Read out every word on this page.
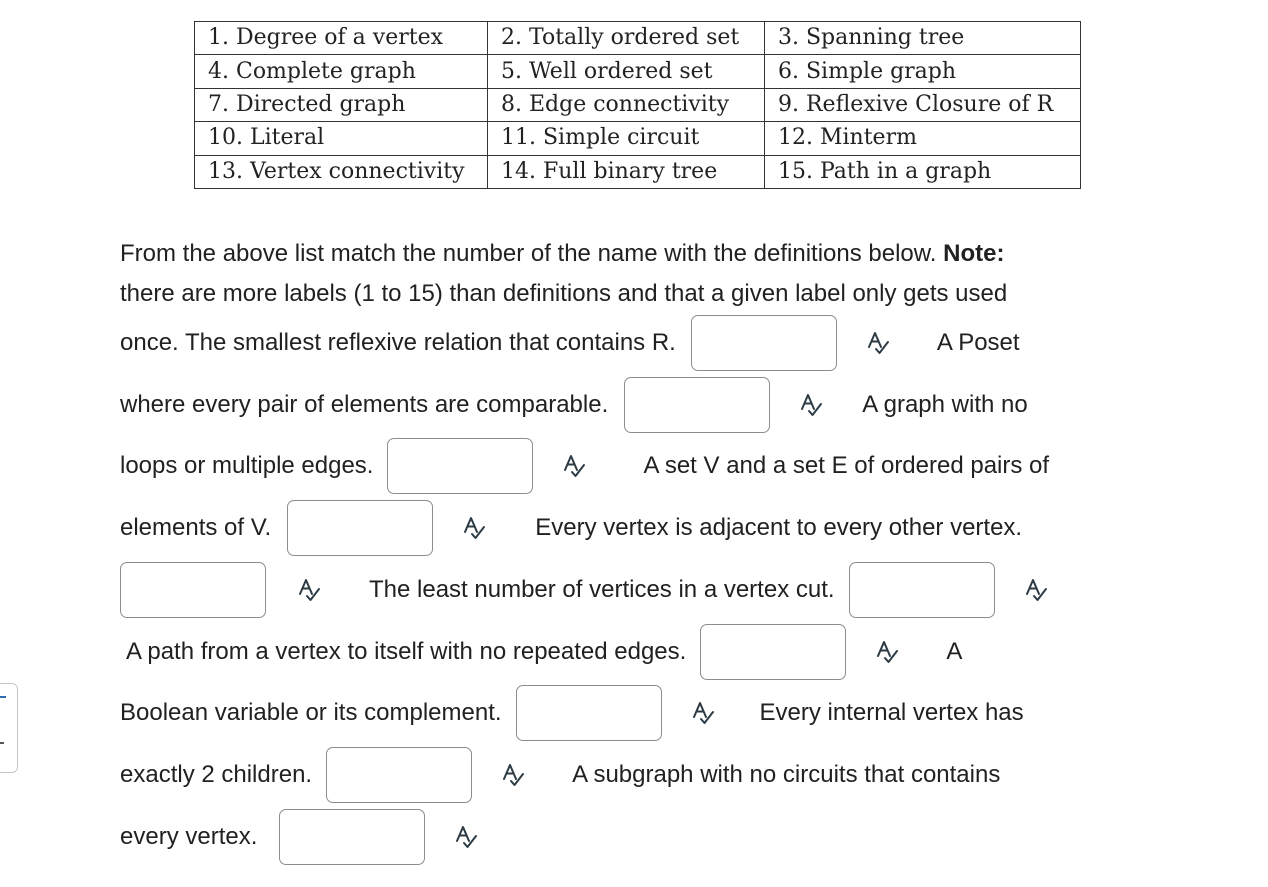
1. Degree of a vertex	2. Totally ordered set	3. Spanning tree
4. Complete graph	5. Well ordered set	6. Simple graph
7. Directed graph	8. Edge connectivity	9. Reflexive Closure of R
10. Literal	11. Simple circuit	12. Minterm
13. Vertex connectivity	14. Full binary tree	15. Path in a graph
From the above list match the number of the name with the definitions below.
Note:
there are more labels (1 to 15) than definitions and that a given label only gets used
once. The smallest reflexive relation that contains R.	A Poset
where every pair of elements are comparable.	A graph with no
loops or multiple edges.	A set V and a set E of ordered pairs of
elements of V.	Every vertex is adjacent to every other vertex.
The least number of vertices in a vertex cut.
A path from a vertex to itself with no repeated edges.	A
Boolean variable or its complement.	Every internal vertex has
exactly 2 children.	A subgraph with no circuits that contains
every vertex.
